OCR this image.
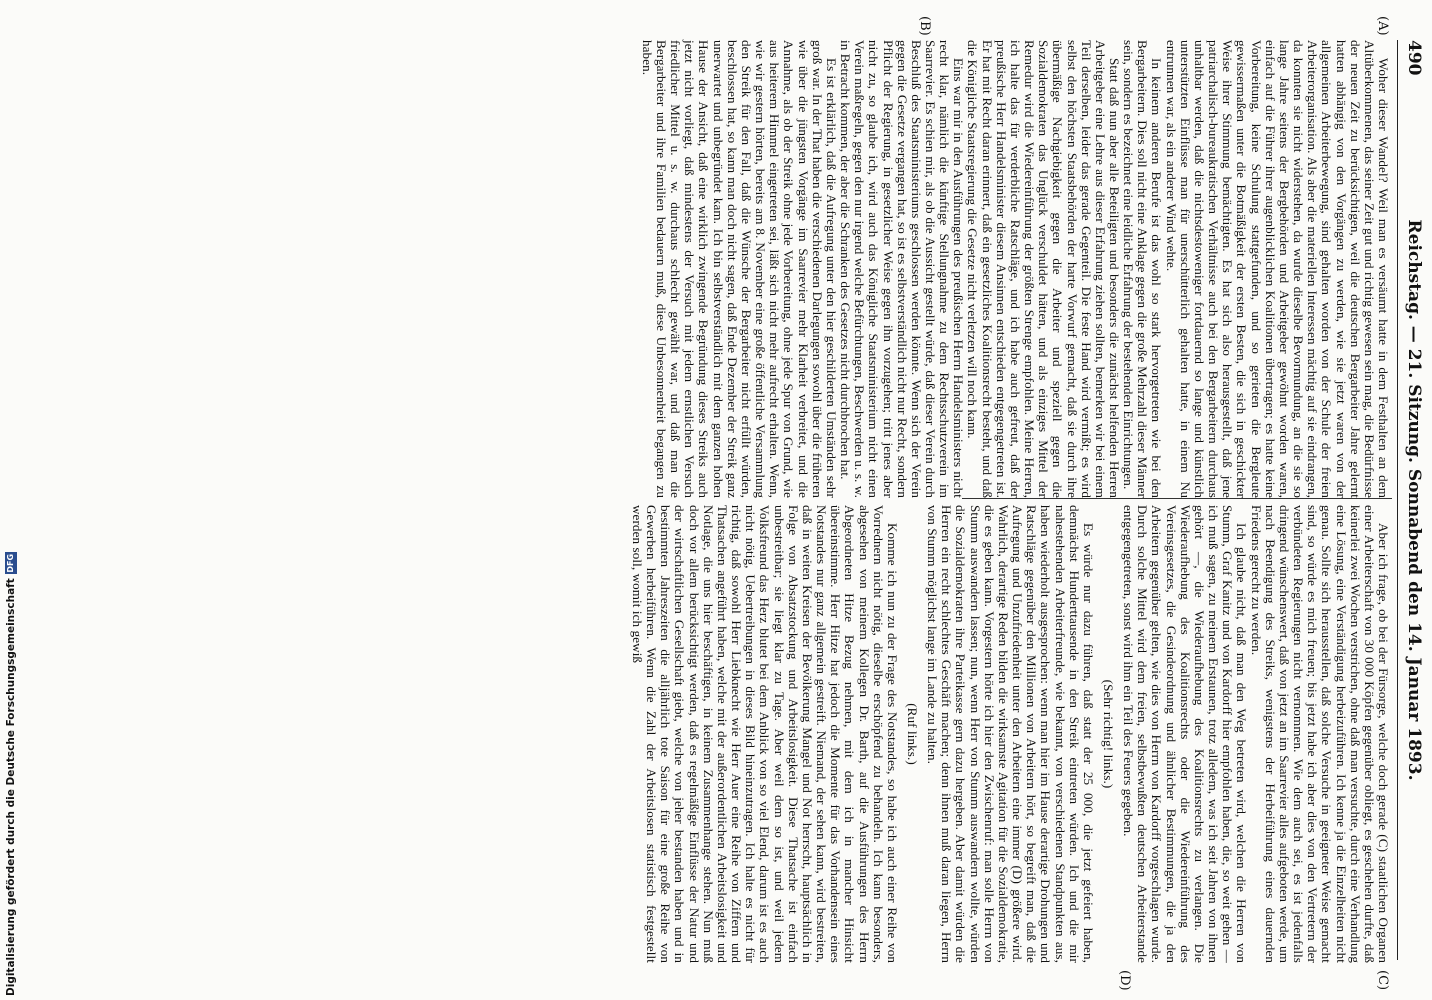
490
Reichstag. — 21. Sitzung. Sonnabend den 14. Januar 1893.
(A)
(B)
(C)
(D)

Woher dieser Wandel? Weil man es versäumt hatte in dem Festhalten an dem Altüberkommenen, das seiner Zeit gut und richtig gewesen sein mag, die Bedürfnisse der neuen Zeit zu berücksichtigen, weil die deutschen Bergarbeiter Jahre gelernt hatten abhängig von den Vorgängen zu werden, wie sie jetzt waren von der allgemeinen Arbeiterbewegung, sind gehalten worden von der Schule der freien Arbeiterorganisation. Als aber die materiellen Interessen mächtig auf sie eindrangen, da konnten sie nicht widerstehen, da wurde dieselbe Bevormundung, an die sie so lange Jahre seitens der Bergbehörden und Arbeitgeber gewöhnt worden waren, einfach auf die Führer ihrer augenblicklichen Koalitionen übertragen; es hatte keine Vorbereitung, keine Schulung stattgefunden, und so gerieten die Bergleute gewissermaßen unter die Botmäßigkeit der ersten Besten, die sich in geschickter Weise ihrer Stimmung bemächtigten. Es hat sich also herausgestellt, daß jene patriarchalisch-bureaukratischen Verhältnisse auch bei den Bergarbeitern durchaus unhaltbar werden, daß die nichtsdestoweniger fortdauernd so lange und künstlich unterstützten Einflüsse man für unerschütterlich gehalten hatte, in einem Nu entrunnen war, als ein anderer Wind wehte.

In keinem anderen Berufe ist das wohl so stark hervorgetreten wie bei den Bergarbeitern. Dies soll nicht eine Anklage gegen die große Mehrzahl dieser Männer sein, sondern es bezeichnet eine leidliche Erfahrung der bestehenden Einrichtungen.

Statt daß nun aber alle Beteiligten und besonders die zunächst helfenden Herren Arbeitgeber eine Lehre aus dieser Erfahrung ziehen sollten, bemerken wir bei einem Teil derselben, leider das gerade Gegenteil. Die feste Hand wird vermißt; es wird selbst den höchsten Staatsbehörden der harte Vorwurf gemacht, daß sie durch ihre übermäßige Nachgiebigkeit gegen die Arbeiter und speziell gegen die Sozialdemokraten das Unglück verschuldet hätten, und als einziges Mittel der Remedur wird die Wiedereinführung der größten Strenge empfohlen. Meine Herren, ich halte das für verderbliche Ratschläge, und ich habe auch gefreut, daß der preußische Herr Handelsminister diesem Ansinnen entschieden entgegengetreten ist. Er hat mit Recht daran erinnert, daß ein gesetzliches Koalitionsrecht besteht, und daß die Königliche Staatsregierung die Gesetze nicht verletzen will noch kann.

Eins war mir in den Ausführungen des preußischen Herrn Handelsministers nicht recht klar, nämlich die künftige Stellungnahme zu dem Rechtsschutzverein im Saarrevier. Es schien mir, als ob die Aussicht gestellt würde, daß dieser Verein durch Beschluß des Staatsministeriums geschlossen werden könnte. Wenn sich der Verein gegen die Gesetze vergangen hat, so ist es selbstverständlich nicht nur Recht, sondern Pflicht der Regierung, in gesetzlicher Weise gegen ihn vorzugehen; tritt jenes aber nicht zu, so glaube ich, wird auch das Königliche Staatsministerium nicht einen Verein maßregeln, gegen den nur irgend welche Befürchtungen, Beschwerden u. s. w. in Betracht kommen, der aber die Schranken des Gesetzes nicht durchbrochen hat.

Es ist erklärlich, daß die Aufregung unter den hier geschilderten Umständen sehr groß war. In der That haben die verschiedenen Darlegungen sowohl über die früheren wie über die jüngsten Vorgänge im Saarrevier mehr Klarheit verbreitet, und die Annahme, als ob der Streik ohne jede Vorbereitung, ohne jede Spur von Grund, wie aus heiterem Himmel eingetreten sei, läßt sich nicht mehr aufrecht erhalten. Wenn, wie wir gestern hörten, bereits am 8. November eine große öffentliche Versammlung den Streik für den Fall, daß die Wünsche der Bergarbeiter nicht erfüllt würden, beschlossen hat, so kann man doch nicht sagen, daß Ende Dezember der Streik ganz unerwartet und unbegründet kam. Ich bin selbstverständlich mit dem ganzen hohen Hause der Ansicht, daß eine wirklich zwingende Begründung dieses Streiks auch jetzt nicht vorliegt, daß mindestens der Versuch mit jedem ernstlichen Versuch friedlicher Mittel u. s. w. durchaus schlecht gewählt war, und daß man die Bergarbeiter und ihre Familien bedauern muß, diese Unbesonnenheit begangen zu haben.

Aber ich frage, ob bei der Fürsorge, welche doch gerade (C) staatlichen Organen einer Arbeiterschaft von 30 000 Köpfen gegenüber obliegt, es geschehen durfte, daß keinerlei zwei Wochen verstrichen, ohne daß man versuchte, durch eine Verhandlung eine Lösung, eine Verständigung herbeizuführen. Ich kenne ja die Einzelheiten nicht genau. Sollte sich herausstellen, daß solche Versuche in geeigneter Weise gemacht sind, so würde es mich freuen; bis jetzt habe ich aber dies von den Vertretern der verbündeten Regierungen nicht vernommen. Wie dem auch sei, es ist jedenfalls dringend wünschenswert, daß von jetzt an im Saarrevier alles aufgeboten werde, um nach Beendigung des Streiks, wenigstens der Herbeiführung eines dauernden Friedens gerecht zu werden.

Ich glaube nicht, daß man den Weg betreten wird, welchen die Herren von Stumm, Graf Kanitz und von Kardorff hier empfohlen haben, die, so weit gehen — ich muß sagen, zu meinem Erstaunen, trotz alledem, was ich seit Jahren von ihnen gehört —, die Wiederaufhebung des Koalitionsrechts zu verlangen. Die Wiederaufhebung des Koalitionsrechts oder die Wiedereinführung des Vereinsgesetzes, die Gesindeordnung und ähnlicher Bestimmungen, die ja den Arbeitern gegenüber gelten, wie dies von Herrn von Kardorff vorgeschlagen wurde. Durch solche Mittel wird dem freien, selbstbewußten deutschen Arbeiterstande entgegengetreten, sonst wird ihm ein Teil des Feuers gegeben.

(Sehr richtig! links.)

Es würde nur dazu führen, daß statt der 25 000, die jetzt gefeiert haben, demnächst Hunderttausende in den Streik eintreten würden. Ich und die mir nahestehenden Arbeiterfreunde, wie bekannt, von verschiedenen Standpunkten aus, haben wiederholt ausgesprochen: wenn man hier im Hause derartige Drohungen und Ratschläge gegenüber den Millionen von Arbeitern hört, so begreift man, daß die Aufregung und Unzufriedenheit unter den Arbeitern eine immer (D) größere wird. Wahrlich, derartige Reden bilden die wirksamste Agitation für die Sozialdemokratie, die es geben kann. Vorgestern hörte ich hier den Zwischenruf: man solle Herrn von Stumm auswandern lassen; nun, wenn Herr von Stumm auswandern wollte, würden die Sozialdemokraten ihre Parteikasse gern dazu hergeben. Aber damit würden die Herren ein recht schlechtes Geschäft machen; denn ihnen muß daran liegen, Herrn von Stumm möglichst lange im Lande zu halten.

(Ruf links.)

Komme ich nun zu der Frage des Notstandes, so habe ich auch einer Reihe von Vorrednern nicht nötig, dieselbe erschöpfend zu behandeln. Ich kann besonders, abgesehen von meinem Kollegen Dr. Barth, auf die Ausführungen des Herrn Abgeordneten Hitze Bezug nehmen, mit dem ich in mancher Hinsicht übereinstimme. Herr Hitze hat jedoch die Momente für das Vorhandensein eines Notstandes nur ganz allgemein gestreift. Niemand, der sehen kann, wird bestreiten, daß in weiten Kreisen der Bevölkerung Mangel und Not herrscht, hauptsächlich in Folge von Absatzstockung und Arbeitslosigkeit. Diese Thatsache ist einfach unbestreitbar; sie liegt klar zu Tage. Aber weil dem so ist, und weil jedem Volksfreund das Herz blutet bei dem Anblick von so viel Elend, darum ist es auch nicht nötig, Uebertreibungen in dieses Bild hineinzutragen. Ich halte es nicht für richtig, daß sowohl Herr Liebknecht wie Herr Auer eine Reihe von Ziffern und Thatsachen angeführt haben, welche mit der außerordentlichen Arbeitslosigkeit und Notlage, die uns hier beschäftigen, in keinem Zusammenhange stehen. Nun muß doch vor allem berücksichtigt werden, daß es regelmäßige Einflüsse der Natur und der wirtschaftlichen Gesellschaft giebt, welche von jeher bestanden haben und in bestimmten Jahreszeiten die alljährlich tote Saison für eine große Reihe von Gewerben herbeiführen. Wenn die Zahl der Arbeitslosen statistisch festgestellt werden soll, womit ich gewiß

Digitalisierung gefördert durch die Deutsche Forschungsgemeinschaft
DFG
